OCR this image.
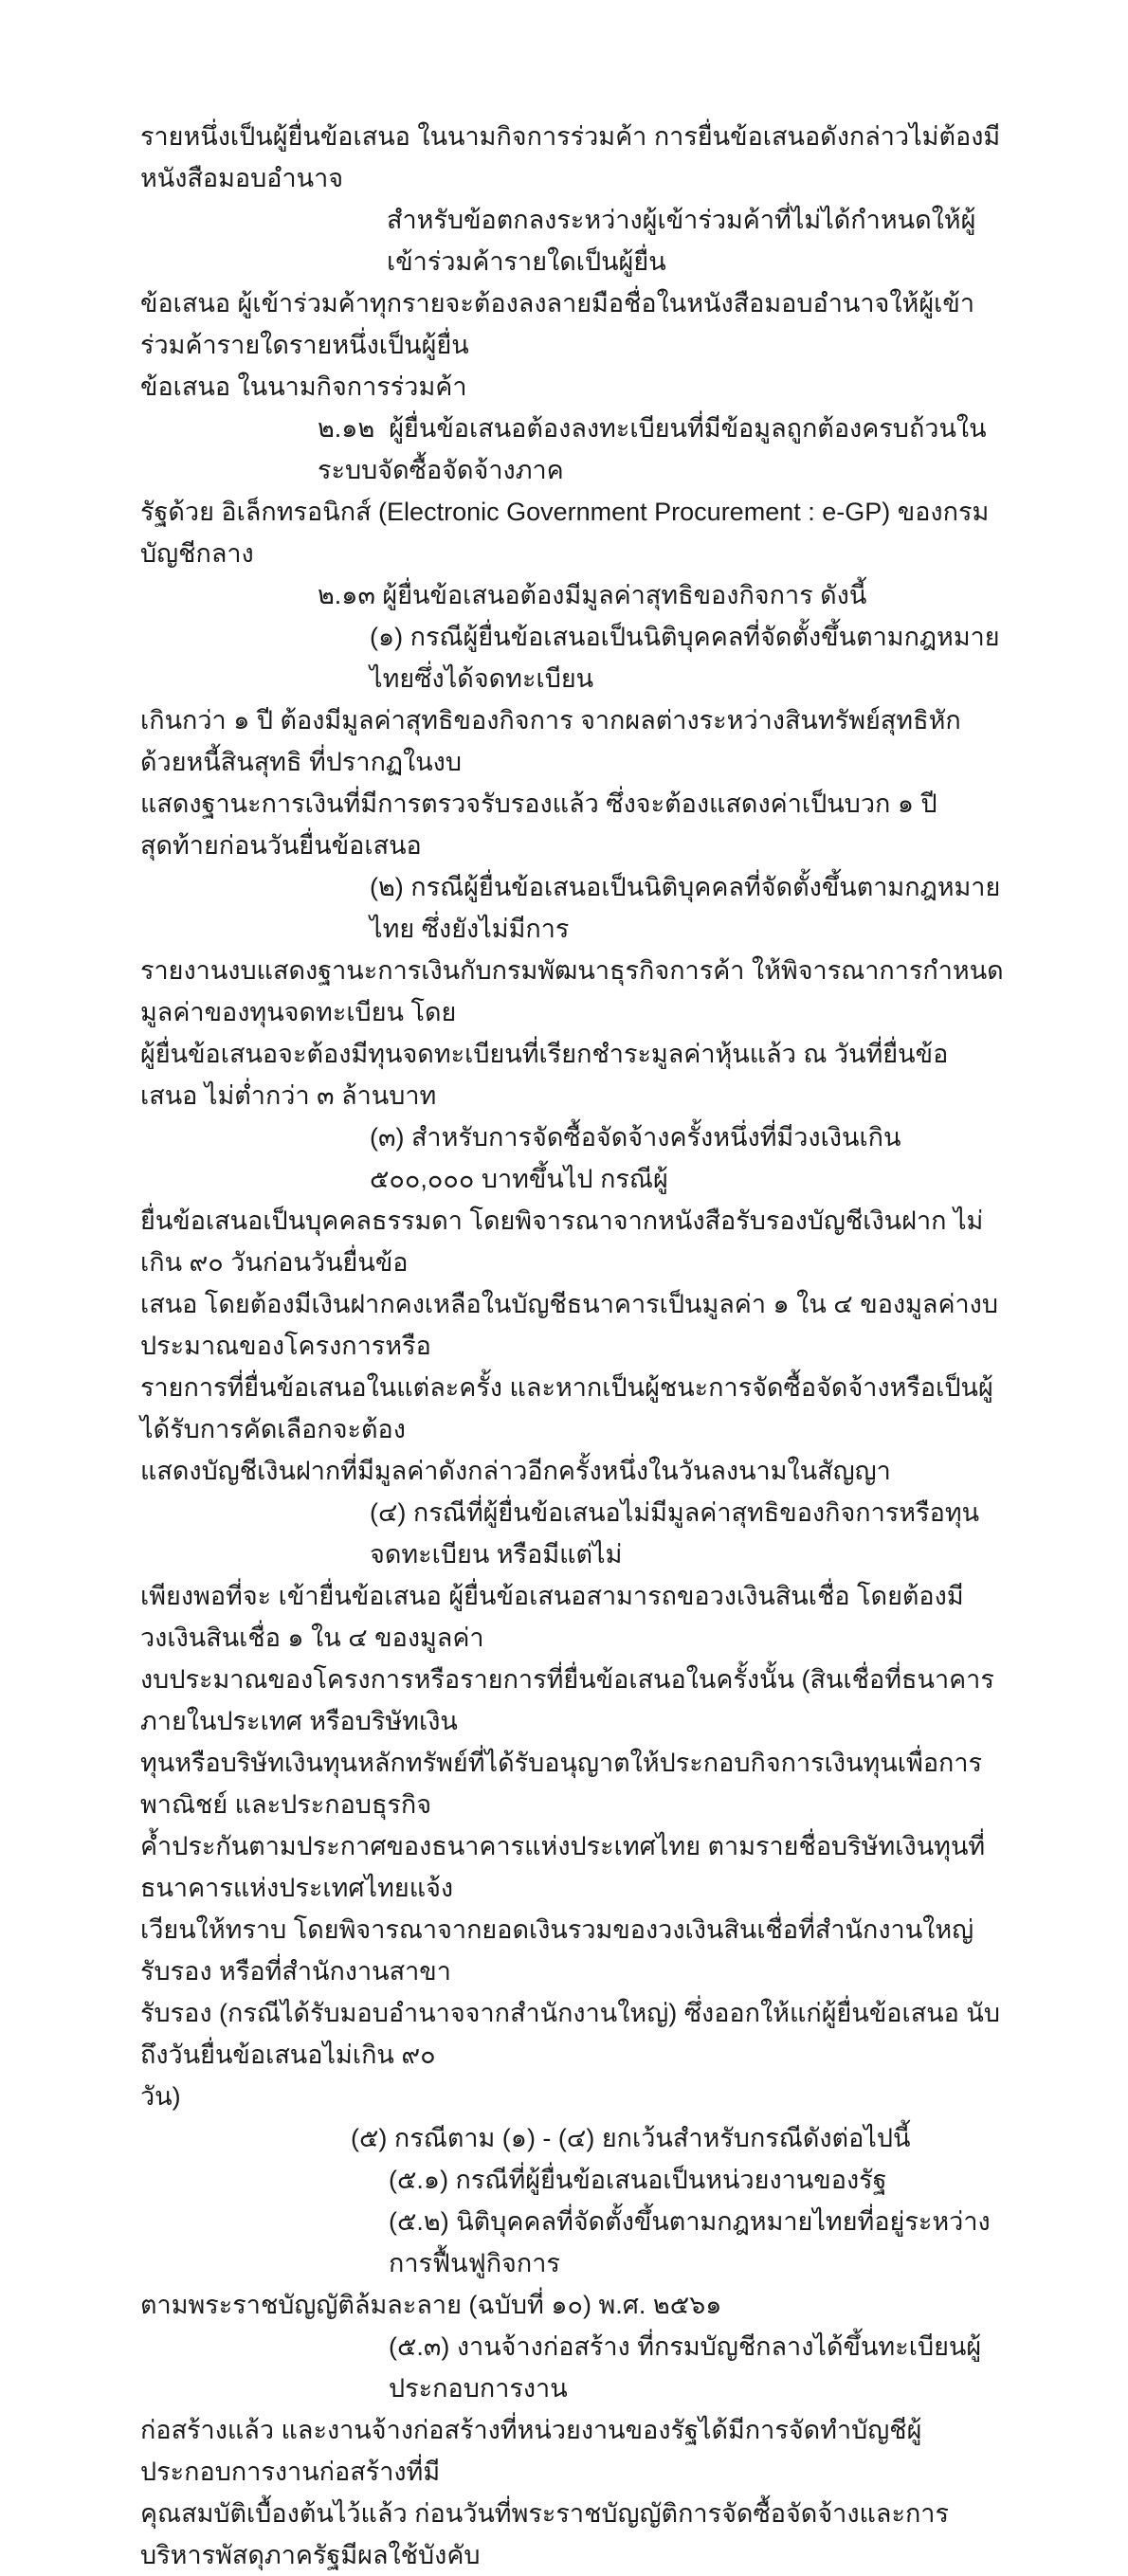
รายหนึ่งเป็นผู้ยื่นข้อเสนอ ในนามกิจการร่วมค้า การยื่นข้อเสนอดังกล่าวไม่ต้องมีหนังสือมอบอำนาจ
สำหรับข้อตกลงระหว่างผู้เข้าร่วมค้าที่ไม่ได้กำหนดให้ผู้เข้าร่วมค้ารายใดเป็นผู้ยื่น
ข้อเสนอ ผู้เข้าร่วมค้าทุกรายจะต้องลงลายมือชื่อในหนังสือมอบอำนาจให้ผู้เข้าร่วมค้ารายใดรายหนึ่งเป็นผู้ยื่น
ข้อเสนอ ในนามกิจการร่วมค้า
๒.๑๒  ผู้ยื่นข้อเสนอต้องลงทะเบียนที่มีข้อมูลถูกต้องครบถ้วนในระบบจัดซื้อจัดจ้างภาค
รัฐด้วย อิเล็กทรอนิกส์ (Electronic Government Procurement : e-GP) ของกรมบัญชีกลาง
๒.๑๓ ผู้ยื่นข้อเสนอต้องมีมูลค่าสุทธิของกิจการ ดังนี้
(๑) กรณีผู้ยื่นข้อเสนอเป็นนิติบุคคลที่จัดตั้งขึ้นตามกฎหมายไทยซึ่งได้จดทะเบียน
เกินกว่า ๑ ปี ต้องมีมูลค่าสุทธิของกิจการ จากผลต่างระหว่างสินทรัพย์สุทธิหักด้วยหนี้สินสุทธิ ที่ปรากฏในงบ
แสดงฐานะการเงินที่มีการตรวจรับรองแล้ว ซึ่งจะต้องแสดงค่าเป็นบวก ๑ ปีสุดท้ายก่อนวันยื่นข้อเสนอ
(๒) กรณีผู้ยื่นข้อเสนอเป็นนิติบุคคลที่จัดตั้งขึ้นตามกฎหมายไทย ซึ่งยังไม่มีการ
รายงานงบแสดงฐานะการเงินกับกรมพัฒนาธุรกิจการค้า ให้พิจารณาการกำหนดมูลค่าของทุนจดทะเบียน โดย
ผู้ยื่นข้อเสนอจะต้องมีทุนจดทะเบียนที่เรียกชำระมูลค่าหุ้นแล้ว ณ วันที่ยื่นข้อเสนอ ไม่ต่ำกว่า ๓ ล้านบาท
(๓) สำหรับการจัดซื้อจัดจ้างครั้งหนึ่งที่มีวงเงินเกิน ๕๐๐,๐๐๐ บาทขึ้นไป กรณีผู้
ยื่นข้อเสนอเป็นบุคคลธรรมดา โดยพิจารณาจากหนังสือรับรองบัญชีเงินฝาก ไม่เกิน ๙๐ วันก่อนวันยื่นข้อ
เสนอ โดยต้องมีเงินฝากคงเหลือในบัญชีธนาคารเป็นมูลค่า ๑ ใน ๔ ของมูลค่างบประมาณของโครงการหรือ
รายการที่ยื่นข้อเสนอในแต่ละครั้ง และหากเป็นผู้ชนะการจัดซื้อจัดจ้างหรือเป็นผู้ได้รับการคัดเลือกจะต้อง
แสดงบัญชีเงินฝากที่มีมูลค่าดังกล่าวอีกครั้งหนึ่งในวันลงนามในสัญญา
(๔) กรณีที่ผู้ยื่นข้อเสนอไม่มีมูลค่าสุทธิของกิจการหรือทุนจดทะเบียน หรือมีแต่ไม่
เพียงพอที่จะ เข้ายื่นข้อเสนอ ผู้ยื่นข้อเสนอสามารถขอวงเงินสินเชื่อ โดยต้องมีวงเงินสินเชื่อ ๑ ใน ๔ ของมูลค่า
งบประมาณของโครงการหรือรายการที่ยื่นข้อเสนอในครั้งนั้น (สินเชื่อที่ธนาคารภายในประเทศ หรือบริษัทเงิน
ทุนหรือบริษัทเงินทุนหลักทรัพย์ที่ได้รับอนุญาตให้ประกอบกิจการเงินทุนเพื่อการพาณิชย์ และประกอบธุรกิจ
ค้ำประกันตามประกาศของธนาคารแห่งประเทศไทย ตามรายชื่อบริษัทเงินทุนที่ธนาคารแห่งประเทศไทยแจ้ง
เวียนให้ทราบ โดยพิจารณาจากยอดเงินรวมของวงเงินสินเชื่อที่สำนักงานใหญ่รับรอง หรือที่สำนักงานสาขา
รับรอง (กรณีได้รับมอบอำนาจจากสำนักงานใหญ่) ซึ่งออกให้แก่ผู้ยื่นข้อเสนอ นับถึงวันยื่นข้อเสนอไม่เกิน ๙๐
วัน)
(๕) กรณีตาม (๑) - (๔) ยกเว้นสำหรับกรณีดังต่อไปนี้
(๕.๑) กรณีที่ผู้ยื่นข้อเสนอเป็นหน่วยงานของรัฐ
(๕.๒) นิติบุคคลที่จัดตั้งขึ้นตามกฎหมายไทยที่อยู่ระหว่างการฟื้นฟูกิจการ
ตามพระราชบัญญัติล้มละลาย (ฉบับที่ ๑๐) พ.ศ. ๒๕๖๑
(๕.๓) งานจ้างก่อสร้าง ที่กรมบัญชีกลางได้ขึ้นทะเบียนผู้ประกอบการงาน
ก่อสร้างแล้ว และงานจ้างก่อสร้างที่หน่วยงานของรัฐได้มีการจัดทำบัญชีผู้ประกอบการงานก่อสร้างที่มี
คุณสมบัติเบื้องต้นไว้แล้ว ก่อนวันที่พระราชบัญญัติการจัดซื้อจัดจ้างและการบริหารพัสดุภาครัฐมีผลใช้บังคับ
